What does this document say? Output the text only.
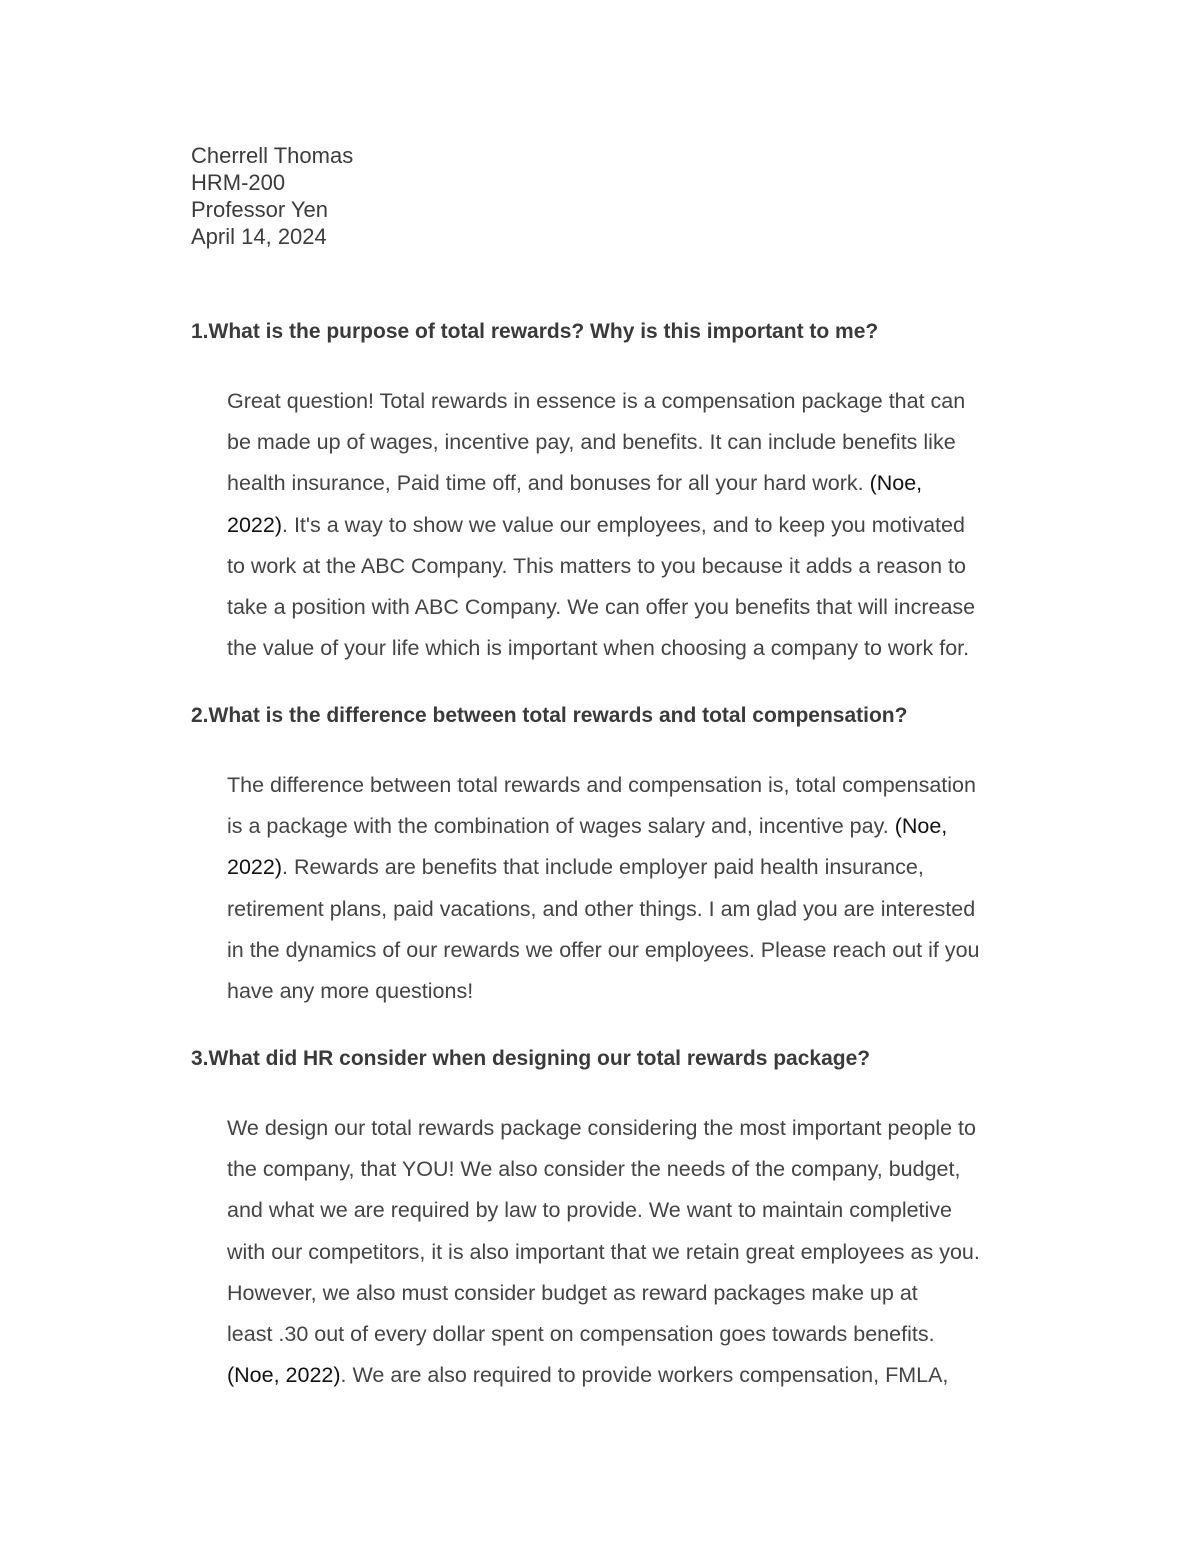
Cherrell Thomas
HRM-200
Professor Yen
April 14, 2024
1.What is the purpose of total rewards? Why is this important to me?
Great question! Total rewards in essence is a compensation package that can
be made up of wages, incentive pay, and benefits. It can include benefits like
health insurance, Paid time off, and bonuses for all your hard work. (Noe,
2022). It's a way to show we value our employees, and to keep you motivated
to work at the ABC Company. This matters to you because it adds a reason to
take a position with ABC Company. We can offer you benefits that will increase
the value of your life which is important when choosing a company to work for.
2.What is the difference between total rewards and total compensation?
The difference between total rewards and compensation is, total compensation
is a package with the combination of wages salary and, incentive pay. (Noe,
2022). Rewards are benefits that include employer paid health insurance,
retirement plans, paid vacations, and other things. I am glad you are interested
in the dynamics of our rewards we offer our employees. Please reach out if you
have any more questions!
3.What did HR consider when designing our total rewards package?
We design our total rewards package considering the most important people to
the company, that YOU! We also consider the needs of the company, budget,
and what we are required by law to provide. We want to maintain completive
with our competitors, it is also important that we retain great employees as you.
However, we also must consider budget as reward packages make up at
least .30 out of every dollar spent on compensation goes towards benefits.
(Noe, 2022). We are also required to provide workers compensation, FMLA,
